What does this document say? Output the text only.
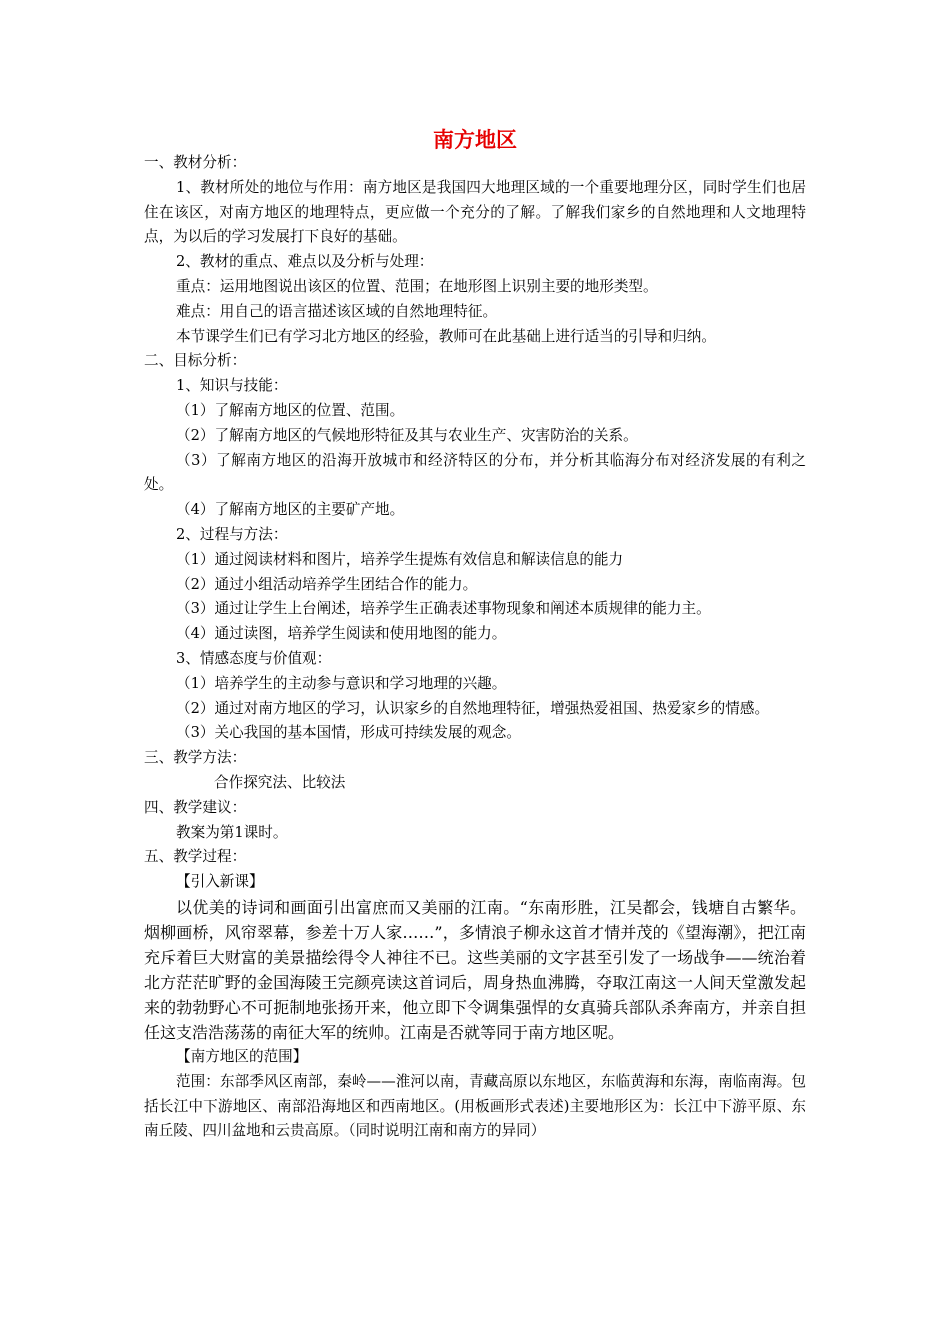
南方地区

一、教材分析：

1、教材所处的地位与作用：南方地区是我国四大地理区域的一个重要地理分区，同时学生们也居住在该区，对南方地区的地理特点，更应做一个充分的了解。了解我们家乡的自然地理和人文地理特点，为以后的学习发展打下良好的基础。

2、教材的重点、难点以及分析与处理：

重点：运用地图说出该区的位置、范围；在地形图上识别主要的地形类型。

难点：用自己的语言描述该区域的自然地理特征。

本节课学生们已有学习北方地区的经验，教师可在此基础上进行适当的引导和归纳。

二、目标分析：

1、知识与技能：

（1）了解南方地区的位置、范围。

（2）了解南方地区的气候地形特征及其与农业生产、灾害防治的关系。

（3）了解南方地区的沿海开放城市和经济特区的分布，并分析其临海分布对经济发展的有利之处。

（4）了解南方地区的主要矿产地。

2、过程与方法：

（1）通过阅读材料和图片，培养学生提炼有效信息和解读信息的能力

（2）通过小组活动培养学生团结合作的能力。

（3）通过让学生上台阐述，培养学生正确表述事物现象和阐述本质规律的能力主。

（4）通过读图，培养学生阅读和使用地图的能力。

3、情感态度与价值观：

（1）培养学生的主动参与意识和学习地理的兴趣。

（2）通过对南方地区的学习，认识家乡的自然地理特征，增强热爱祖国、热爱家乡的情感。

（3）关心我国的基本国情，形成可持续发展的观念。

三、教学方法：

合作探究法、比较法

四、教学建议：

教案为第1课时。

五、教学过程：

【引入新课】

以优美的诗词和画面引出富庶而又美丽的江南。“东南形胜，江吴都会，钱塘自古繁华。烟柳画桥，风帘翠幕，参差十万人家……”，多情浪子柳永这首才情并茂的《望海潮》，把江南充斥着巨大财富的美景描绘得令人神往不已。这些美丽的文字甚至引发了一场战争——统治着北方茫茫旷野的金国海陵王完颜亮读这首词后，周身热血沸腾，夺取江南这一人间天堂激发起来的勃勃野心不可扼制地张扬开来，他立即下令调集强悍的女真骑兵部队杀奔南方，并亲自担任这支浩浩荡荡的南征大军的统帅。江南是否就等同于南方地区呢。

【南方地区的范围】

范围：东部季风区南部，秦岭——淮河以南，青藏高原以东地区，东临黄海和东海，南临南海。包括长江中下游地区、南部沿海地区和西南地区。(用板画形式表述)主要地形区为：长江中下游平原、东南丘陵、四川盆地和云贵高原。（同时说明江南和南方的异同）
